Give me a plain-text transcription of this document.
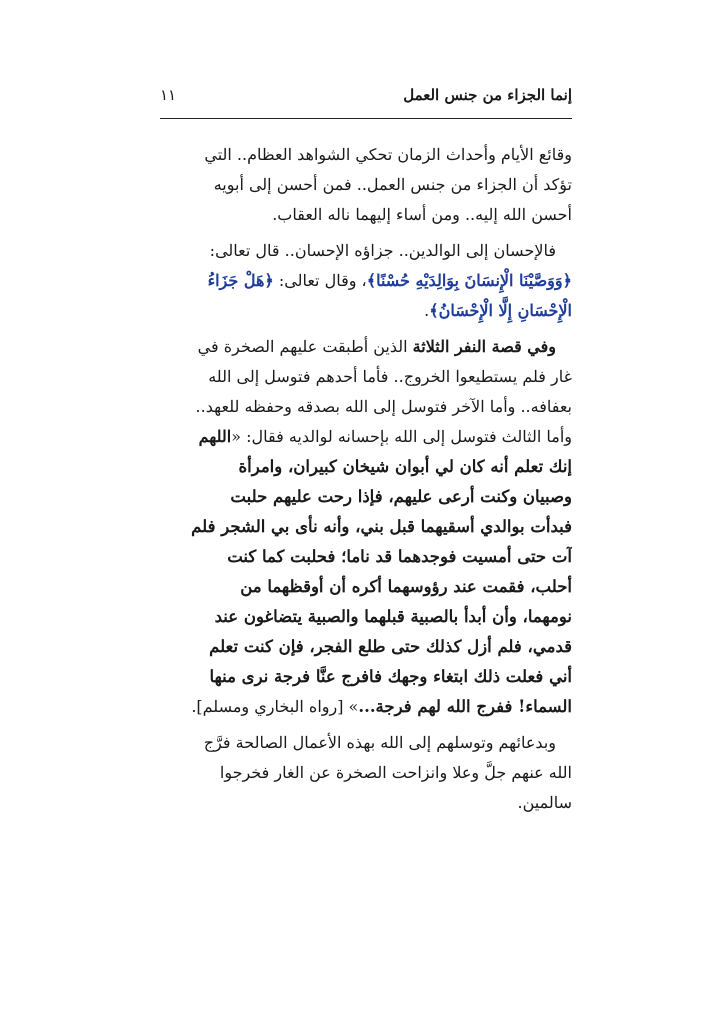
إنما الجزاء من جنس العمل
١١
وقائع الأيام وأحداث الزمان تحكي الشواهد العظام.. التي
تؤكد أن الجزاء من جنس العمل.. فمن أحسن إلى أبويه
أحسن الله إليه.. ومن أساء إليهما ناله العقاب.
فالإحسان إلى الوالدين.. جزاؤه الإحسان.. قال تعالى:
﴿وَوَصَّيْنَا الْإِنسَانَ بِوَالِدَيْهِ حُسْنًا﴾، وقال تعالى: ﴿هَلْ جَزَاءُ
الْإِحْسَانِ إِلَّا الْإِحْسَانُ﴾.
وفي قصة النفر الثلاثة الذين أطبقت عليهم الصخرة في
غار فلم يستطيعوا الخروج.. فأما أحدهم فتوسل إلى الله
بعفافه.. وأما الآخر فتوسل إلى الله بصدقه وحفظه للعهد..
وأما الثالث فتوسل إلى الله بإحسانه لوالديه فقال: «اللهم
إنك تعلم أنه كان لي أبوان شيخان كبيران، وامرأة
وصبيان وكنت أرعى عليهم، فإذا رحت عليهم حلبت
فبدأت بوالدي أسقيهما قبل بني، وأنه نأى بي الشجر فلم
آت حتى أمسيت فوجدهما قد ناما؛ فحلبت كما كنت
أحلب، فقمت عند رؤوسهما أكره أن أوقظهما من
نومهما، وأن أبدأ بالصبية قبلهما والصبية يتضاغون عند
قدمي، فلم أزل كذلك حتى طلع الفجر، فإن كنت تعلم
أني فعلت ذلك ابتغاء وجهك فافرج عنَّا فرجة نرى منها
السماء! ففرج الله لهم فرجة...» [رواه البخاري ومسلم].
وبدعائهم وتوسلهم إلى الله بهذه الأعمال الصالحة فرَّج
الله عنهم جلَّ وعلا وانزاحت الصخرة عن الغار فخرجوا
سالمين.
